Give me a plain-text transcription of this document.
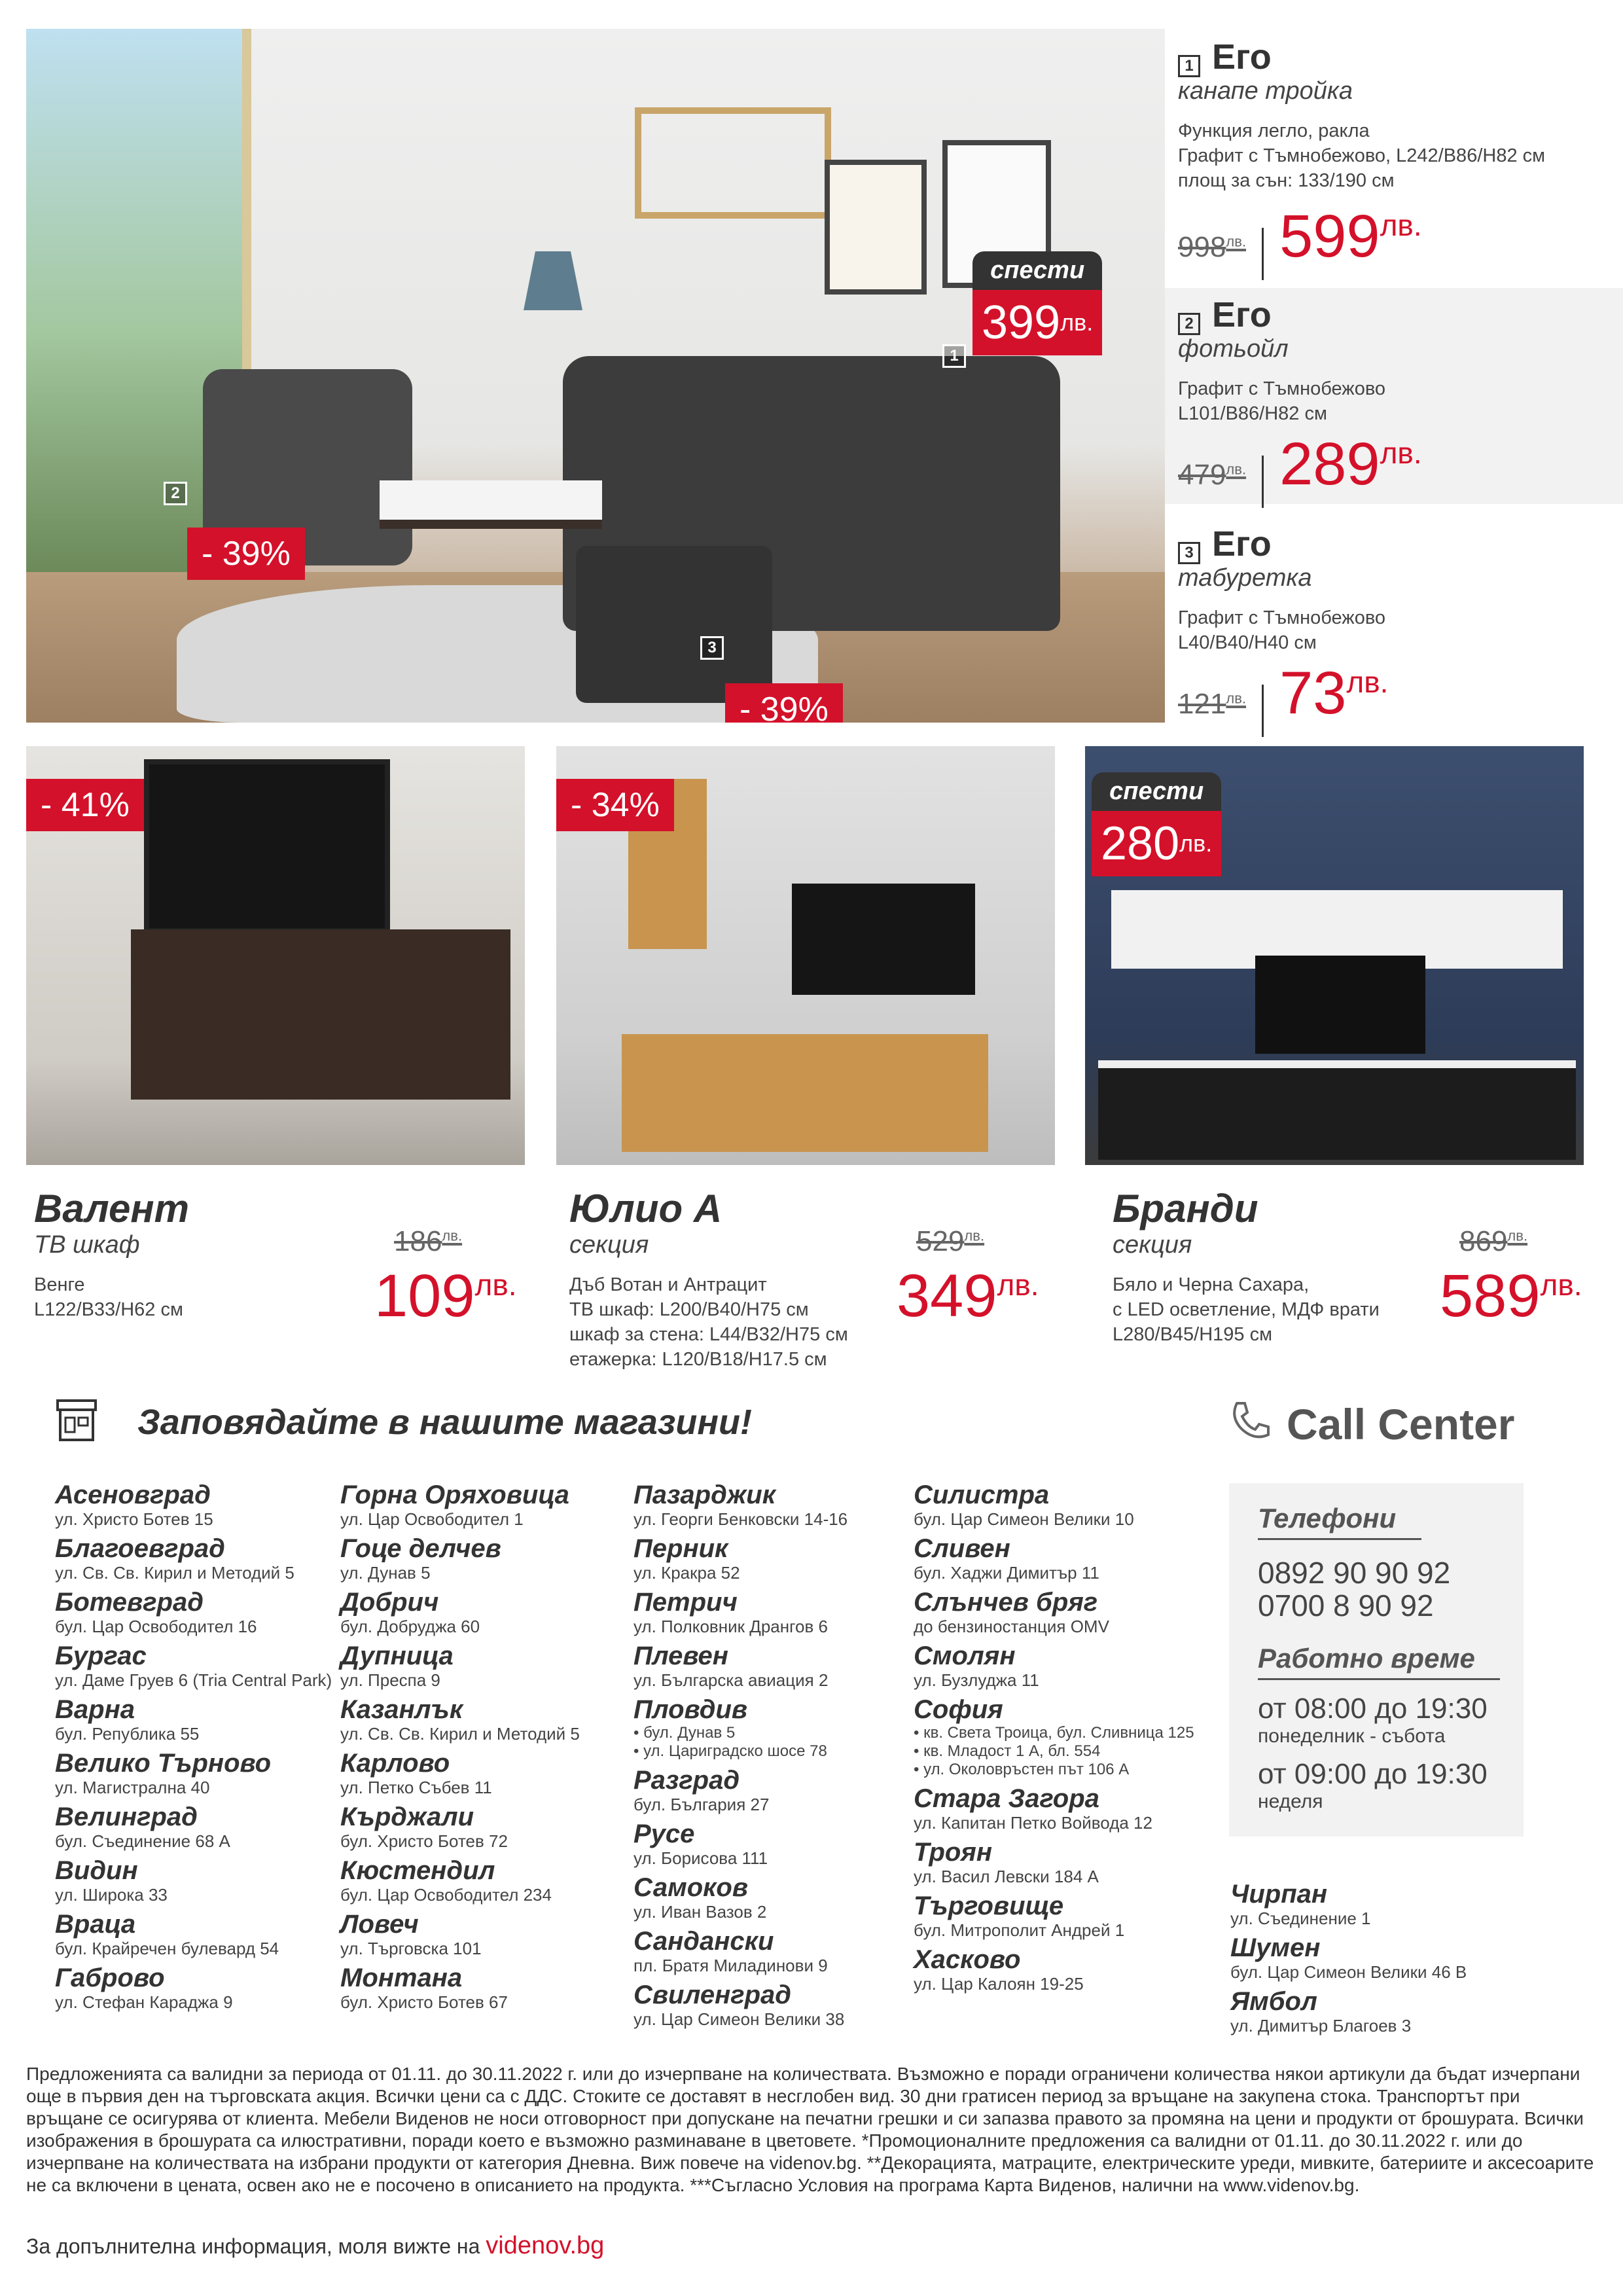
1
2
3
- 39%
- 39%
спести
$399^{лв.}$
1 Его
канапе тройка
Функция легло, ракла
Графит с Тъмнобежово, L242/В86/Н82 см
площ за сън: 133/190 см
$998^{лв.}$ $599^{лв.}$
2 Его
фотьойл
Графит с Тъмнобежово
L101/В86/Н82 см
$479^{лв.}$ $289^{лв.}$
3 Его
табуретка
Графит с Тъмнобежово
L40/В40/Н40 см
$121^{лв.}$ $73^{лв.}$
- 41%	- 34%	спести
$280^{лв.}$
Валент
ТВ шкаф
Венге
L122/В33/Н62 см
$186^{лв.}$
$109^{лв.}$
Юлио А
секция
Дъб Вотан и Антрацит
ТВ шкаф: L200/В40/Н75 см
шкаф за стена: L44/В32/Н75 см
етажерка: L120/В18/Н17.5 см
$529^{лв.}$
$349^{лв.}$
Бранди
секция
Бяло и Черна Сахара,
с LED осветление, МДФ врати
L280/В45/Н195 см
$869^{лв.}$
$589^{лв.}$
Заповядайте в нашите магазини!	Call Center
Асеновград
ул. Христо Ботев 15
Благоевград
ул. Св. Св. Кирил и Методий 5
Ботевград
бул. Цар Освободител 16
Бургас
ул. Даме Груев 6 (Tria Central Park)
Варна
бул. Република 55
Велико Търново
ул. Магистрална 40
Велинград
бул. Съединение 68 А
Видин
ул. Широка 33
Враца
бул. Крайречен булевард 54
Габрово
ул. Стефан Караджа 9
Горна Оряховица
ул. Цар Освободител 1
Гоце делчев
ул. Дунав 5
Добрич
бул. Добруджа 60
Дупница
ул. Преспа 9
Казанлък
ул. Св. Св. Кирил и Методий 5
Карлово
ул. Петко Събев 11
Кърджали
бул. Христо Ботев 72
Кюстендил
бул. Цар Освободител 234
Ловеч
ул. Търговска 101
Монтана
бул. Христо Ботев 67
Пазарджик
ул. Георги Бенковски 14-16
Перник
ул. Кракра 52
Петрич
ул. Полковник Дрангов 6
Плевен
ул. Българска авиация 2
Пловдив
• бул. Дунав 5
• ул. Цариградско шосе 78
Разград
бул. България 27
Русе
ул. Борисова 111
Самоков
ул. Иван Вазов 2
Сандански
пл. Братя Миладинови 9
Свиленград
ул. Цар Симеон Велики 38
Силистра
бул. Цар Симеон Велики 10
Сливен
бул. Хаджи Димитър 11
Слънчев бряг
до бензиностанция OMV
Смолян
ул. Бузлуджа 11
София
• кв. Света Троица, бул. Сливница 125
• кв. Младост 1 А, бл. 554
• ул. Околовръстен път 106 А
Стара Загора
ул. Капитан Петко Войвода 12
Троян
ул. Васил Левски 184 А
Търговище
бул. Митрополит Андрей 1
Хасково
ул. Цар Калоян 19-25
Чирпан
ул. Съединение 1
Шумен
бул. Цар Симеон Велики 46 В
Ямбол
ул. Димитър Благоев 3
Телефони
0892 90 90 92
0700 8 90 92
Работно време
от 08:00 до 19:30
понеделник - събота
от 09:00 до 19:30
неделя
Предложенията са валидни за периода от 01.11. до 30.11.2022 г. или до изчерпване на количествата. Възможно е поради ограничени количества някои артикули да бъдат изчерпани още в първия ден на търговската акция. Всички цени са с ДДС. Стоките се доставят в несглобен вид. 30 дни гратисен период за връщане на закупена стока. Транспортът при връщане се осигурява от клиента. Мебели Виденов не носи отговорност при допускане на печатни грешки и си запазва правото за промяна на цени и продукти от брошурата. Всички изображения в брошурата са илюстративни, поради което е възможно разминаване в цветовете. *Промоционалните предложения са валидни от 01.11. до 30.11.2022 г. или до изчерпване на количествата на избрани продукти от категория Дневна. Виж повече на videnov.bg. **Декорацията, матраците, електрическите уреди, мивките, батериите и аксесоарите не са включени в цената, освен ако не е посочено в описанието на продукта. ***Съгласно Условия на програма Карта Виденов, налични на www.videnov.bg.
За допълнителна информация, моля вижте на videnov.bg
